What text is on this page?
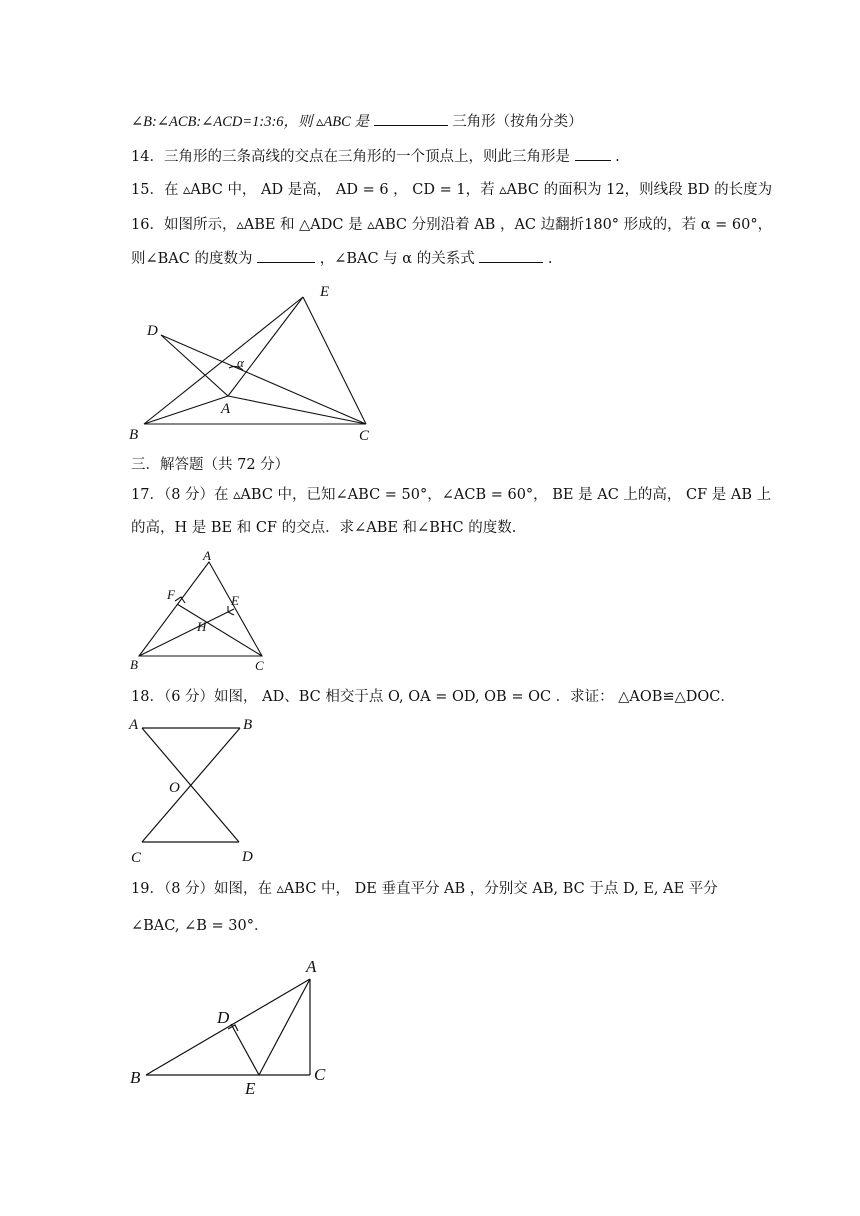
∠B:∠ACB:∠ACD=1:3:6，则 ▵ABC 是	三角形（按角分类）
14．三角形的三条高线的交点在三角形的一个顶点上，则此三角形是	.
15．在 ▵ABC 中， AD 是高， AD = 6 ， CD = 1，若 ▵ABC 的面积为 12，则线段 BD 的长度为
16．如图所示，▵ABE 和 △ADC 是 ▵ABC 分别沿着 AB ，AC 边翻折180° 形成的，若 α = 60°，
则∠BAC 的度数为	，∠BAC 与 α 的关系式	.
E
D
α
A
B	C
三．解答题（共 72 分）
17．（8 分）在 ▵ABC 中，已知∠ABC = 50°，∠ACB = 60°， BE 是 AC 上的高， CF 是 AB 上
的高，H 是 BE 和 CF 的交点．求∠ABE 和∠BHC 的度数.
A
F	E
H
B	C
18．（6 分）如图， AD、BC 相交于点 O, OA = OD, OB = OC ．求证： △AOB≌△DOC．
A	B
O
C	D
19．（8 分）如图，在 ▵ABC 中， DE 垂直平分 AB ，分别交 AB, BC 于点 D, E, AE 平分
∠BAC, ∠B = 30°．
A
D
B
E
C
